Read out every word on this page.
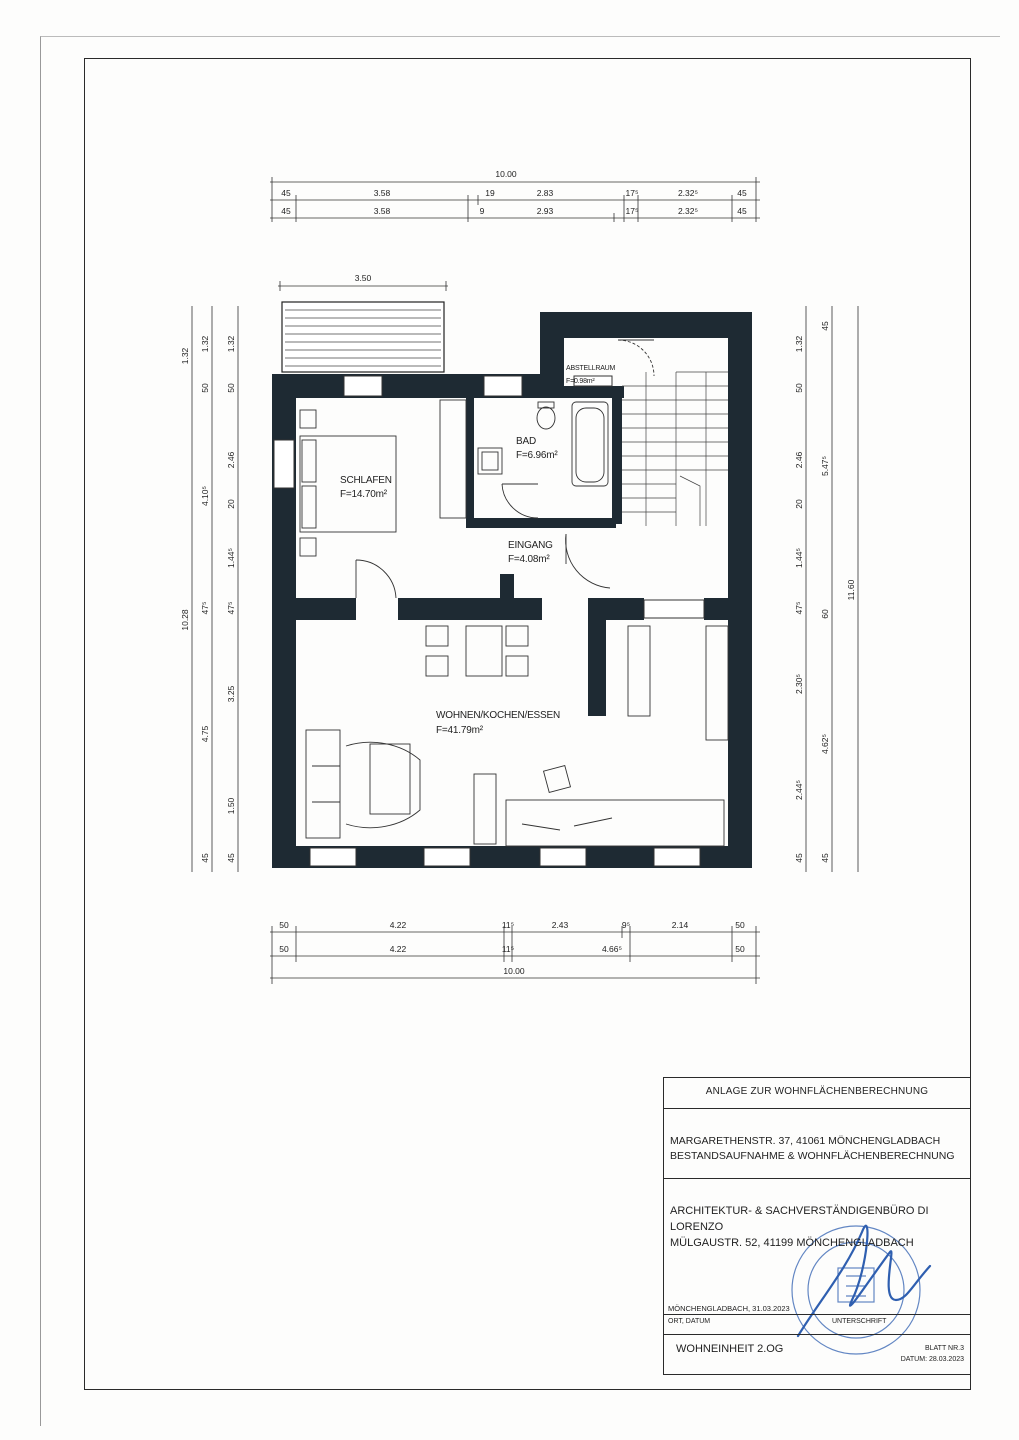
10.00
45	3.58	19	2.83	17⁵	2.32⁵	45
45	3.58	9	2.93	17⁵	2.32⁵	45
3.50
SCHLAFEN
F=14.70m²
BAD
F=6.96m²
ABSTELLRAUM
F=0.98m²
EINGANG
F=4.08m²
WOHNEN/KOCHEN/ESSEN
F=41.79m²
1.32
10.28
1.32
50
4.10⁵
47⁵
4.75
45
1.32
50
2.46
20
1.44⁵
47⁵
3.25
1.50
45
1.32
50
2.46
20
1.44⁵
47⁵
2.30⁵
2.44⁵
45
45
5.47⁵
60
4.62⁵
45
11.60
50	4.22	11⁵	2.43	9⁵	2.14	50
50	4.22	11⁵	4.66⁵	50
10.00
ANLAGE ZUR WOHNFLÄCHENBERECHNUNG
MARGARETHENSTR. 37, 41061 MÖNCHENGLADBACH
BESTANDSAUFNAHME & WOHNFLÄCHENBERECHNUNG
ARCHITEKTUR- & SACHVERSTÄNDIGENBÜRO DI LORENZO
MÜLGAUSTR. 52, 41199 MÖNCHENGLADBACH
MÖNCHENGLADBACH, 31.03.2023
ORT, DATUM	UNTERSCHRIFT
WOHNEINHEIT 2.OG	BLATT NR.3
DATUM: 28.03.2023
